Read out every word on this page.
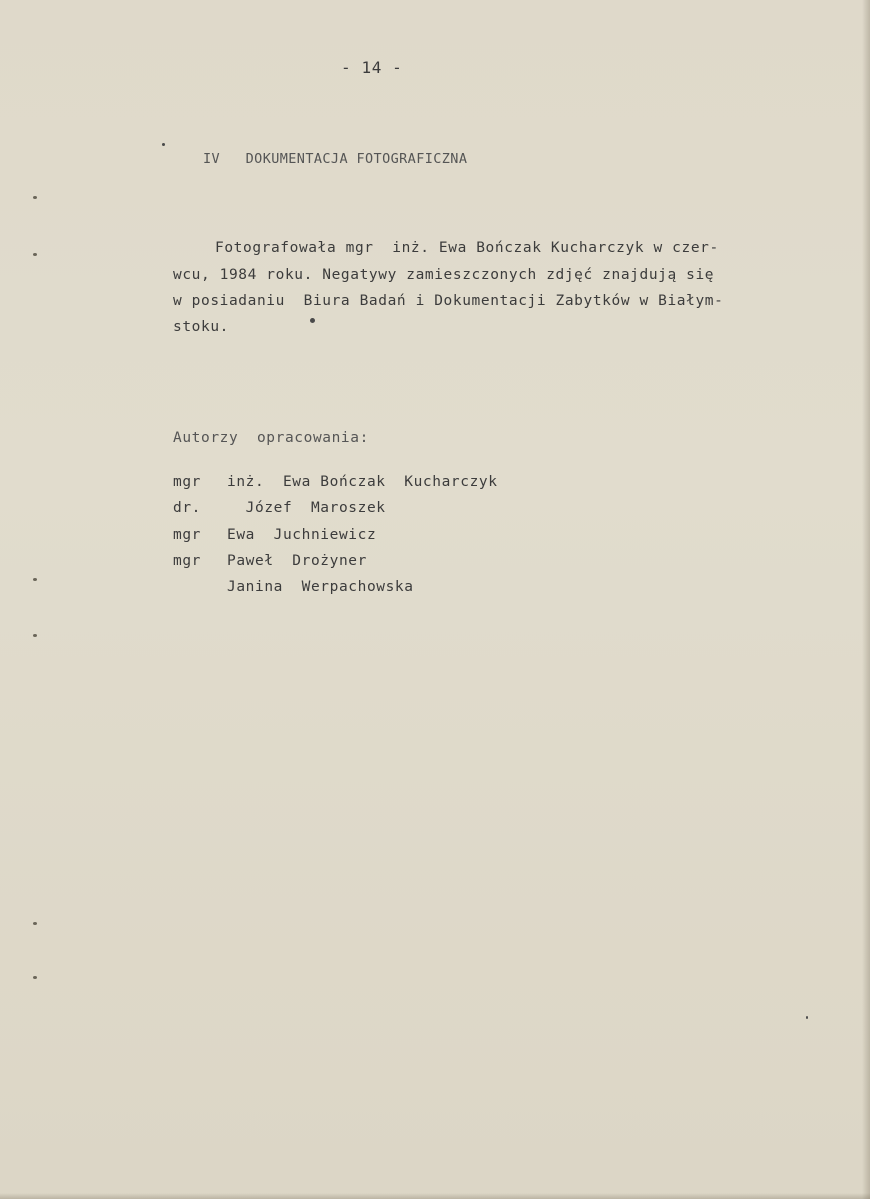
- 14 -
IV   DOKUMENTACJA FOTOGRAFICZNA
Fotografowała mgr  inż. Ewa Bończak Kucharczyk w czer-
wcu, 1984 roku. Negatywy zamieszczonych zdjęć znajdują się
w posiadaniu  Biura Badań i Dokumentacji Zabytków w Białym-
stoku.
Autorzy  opracowania:
mgr inż.  Ewa Bończak  Kucharczyk
dr.  Józef  Maroszek
mgr Ewa  Juchniewicz
mgr Paweł  Drożyner
Janina  Werpachowska
